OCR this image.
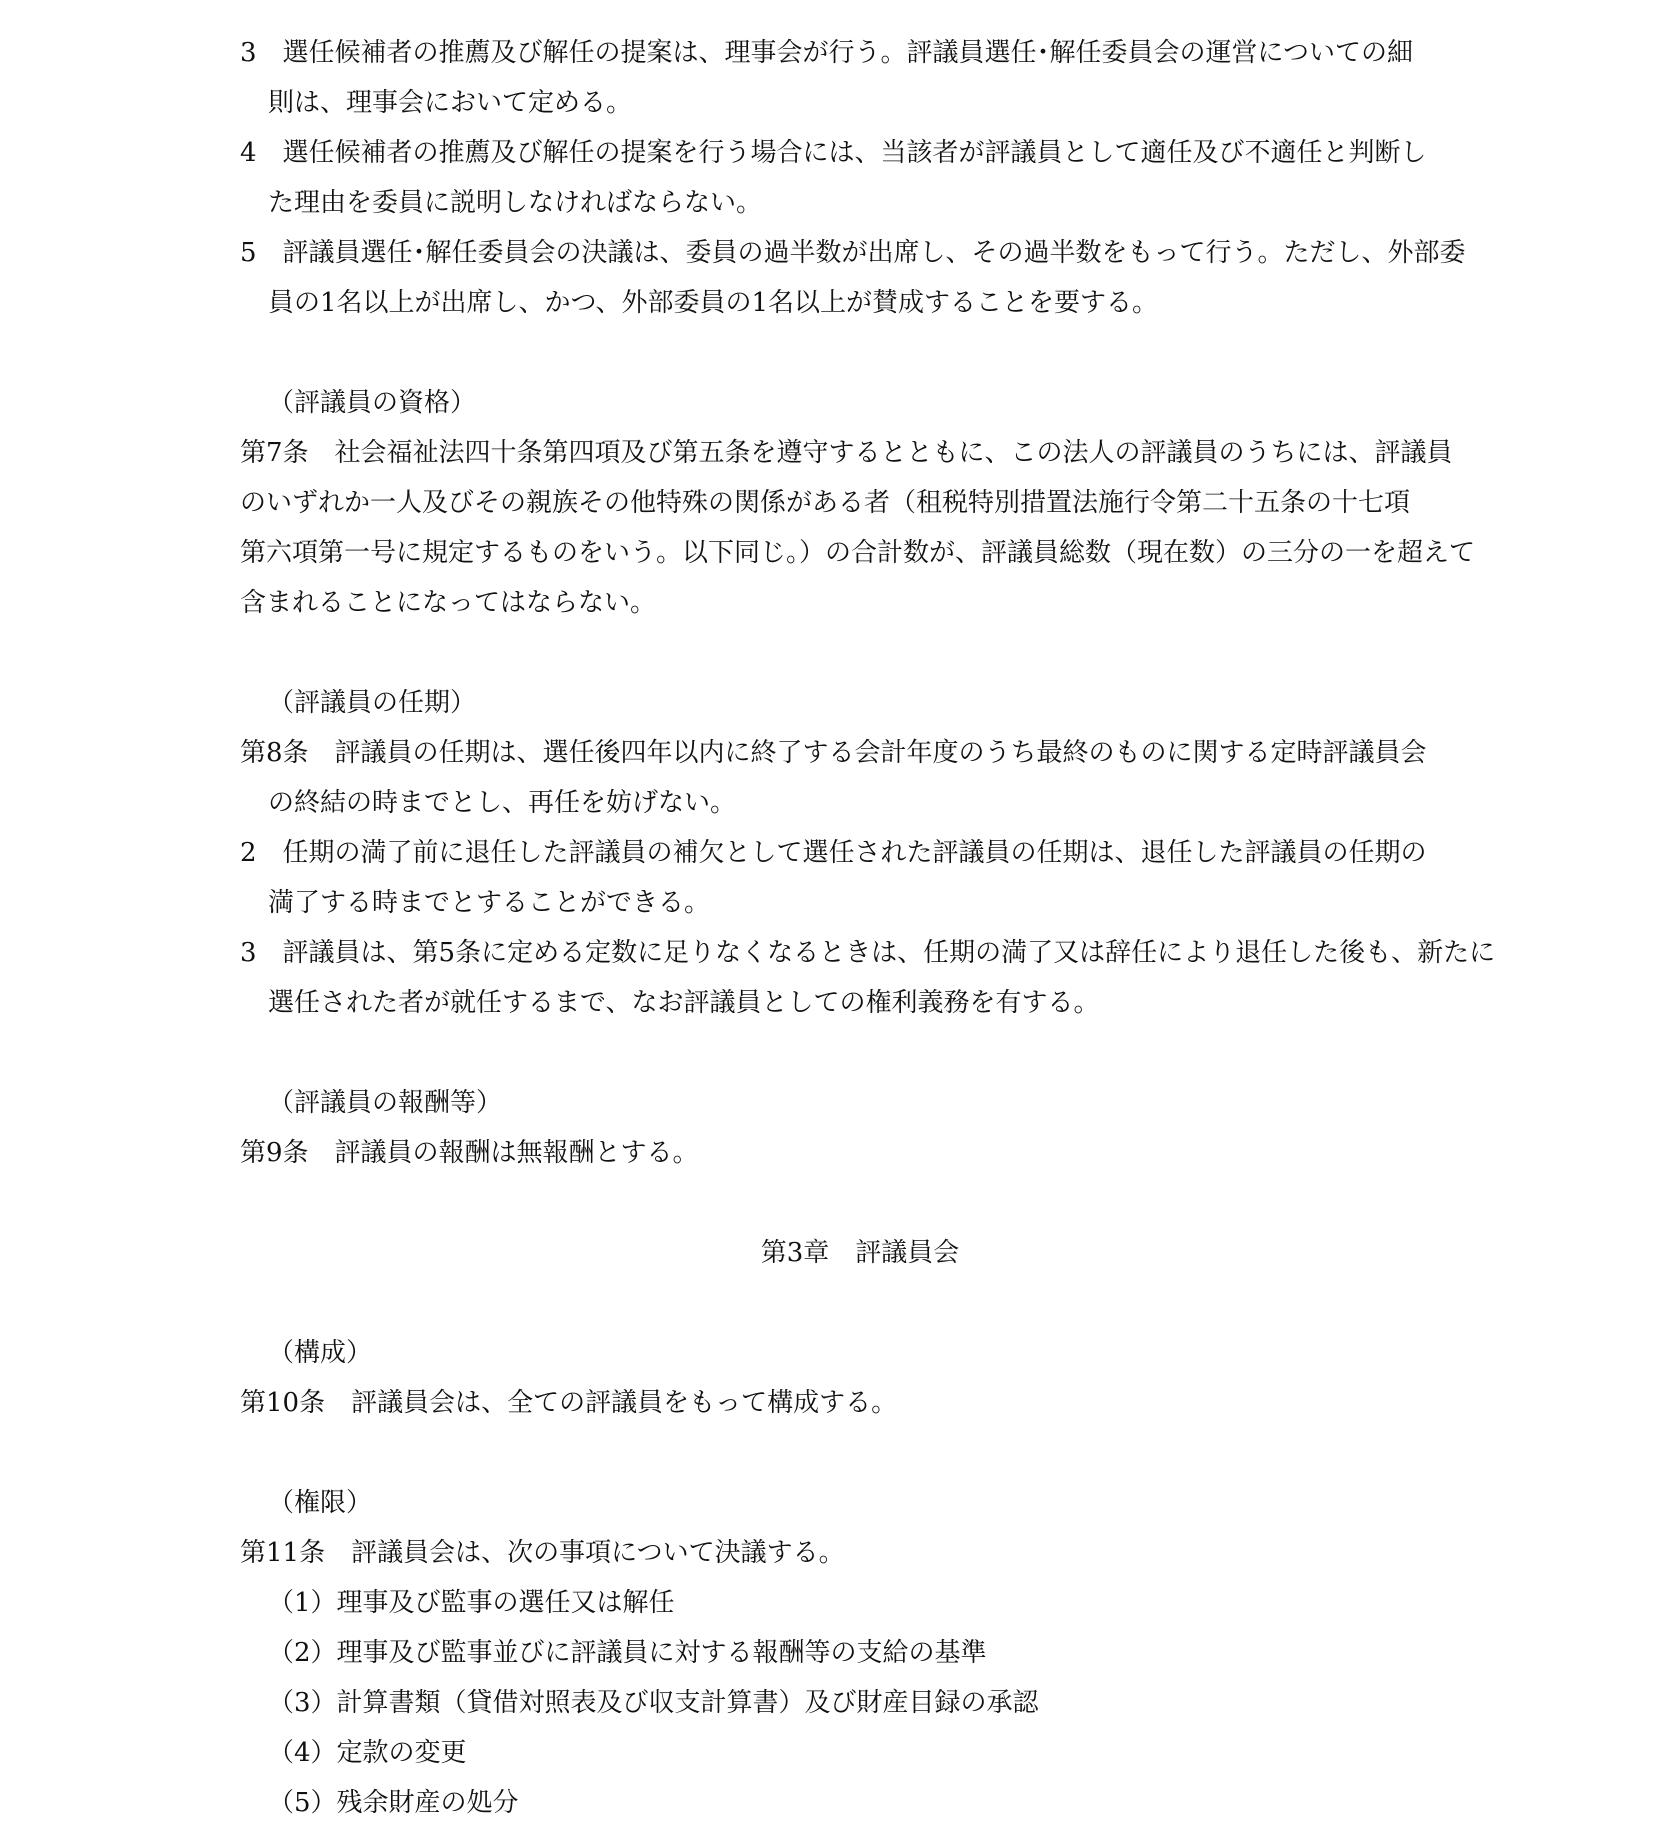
3　選任候補者の推薦及び解任の提案は、理事会が行う。評議員選任･解任委員会の運営についての細
則は、理事会において定める。
4　選任候補者の推薦及び解任の提案を行う場合には、当該者が評議員として適任及び不適任と判断し
た理由を委員に説明しなければならない。
5　評議員選任･解任委員会の決議は、委員の過半数が出席し、その過半数をもって行う。ただし、外部委
員の1名以上が出席し、かつ、外部委員の1名以上が賛成することを要する。
（評議員の資格）
第7条　社会福祉法四十条第四項及び第五条を遵守するとともに、この法人の評議員のうちには、評議員
のいずれか一人及びその親族その他特殊の関係がある者（租税特別措置法施行令第二十五条の十七項
第六項第一号に規定するものをいう。以下同じ。）の合計数が、評議員総数（現在数）の三分の一を超えて
含まれることになってはならない。
（評議員の任期）
第8条　評議員の任期は、選任後四年以内に終了する会計年度のうち最終のものに関する定時評議員会
の終結の時までとし、再任を妨げない。
2　任期の満了前に退任した評議員の補欠として選任された評議員の任期は、退任した評議員の任期の
満了する時までとすることができる。
3　評議員は、第5条に定める定数に足りなくなるときは、任期の満了又は辞任により退任した後も、新たに
選任された者が就任するまで、なお評議員としての権利義務を有する。
（評議員の報酬等）
第9条　評議員の報酬は無報酬とする。
第3章　評議員会
（構成）
第10条　評議員会は、全ての評議員をもって構成する。
（権限）
第11条　評議員会は、次の事項について決議する。
（1）理事及び監事の選任又は解任
（2）理事及び監事並びに評議員に対する報酬等の支給の基準
（3）計算書類（貸借対照表及び収支計算書）及び財産目録の承認
（4）定款の変更
（5）残余財産の処分
